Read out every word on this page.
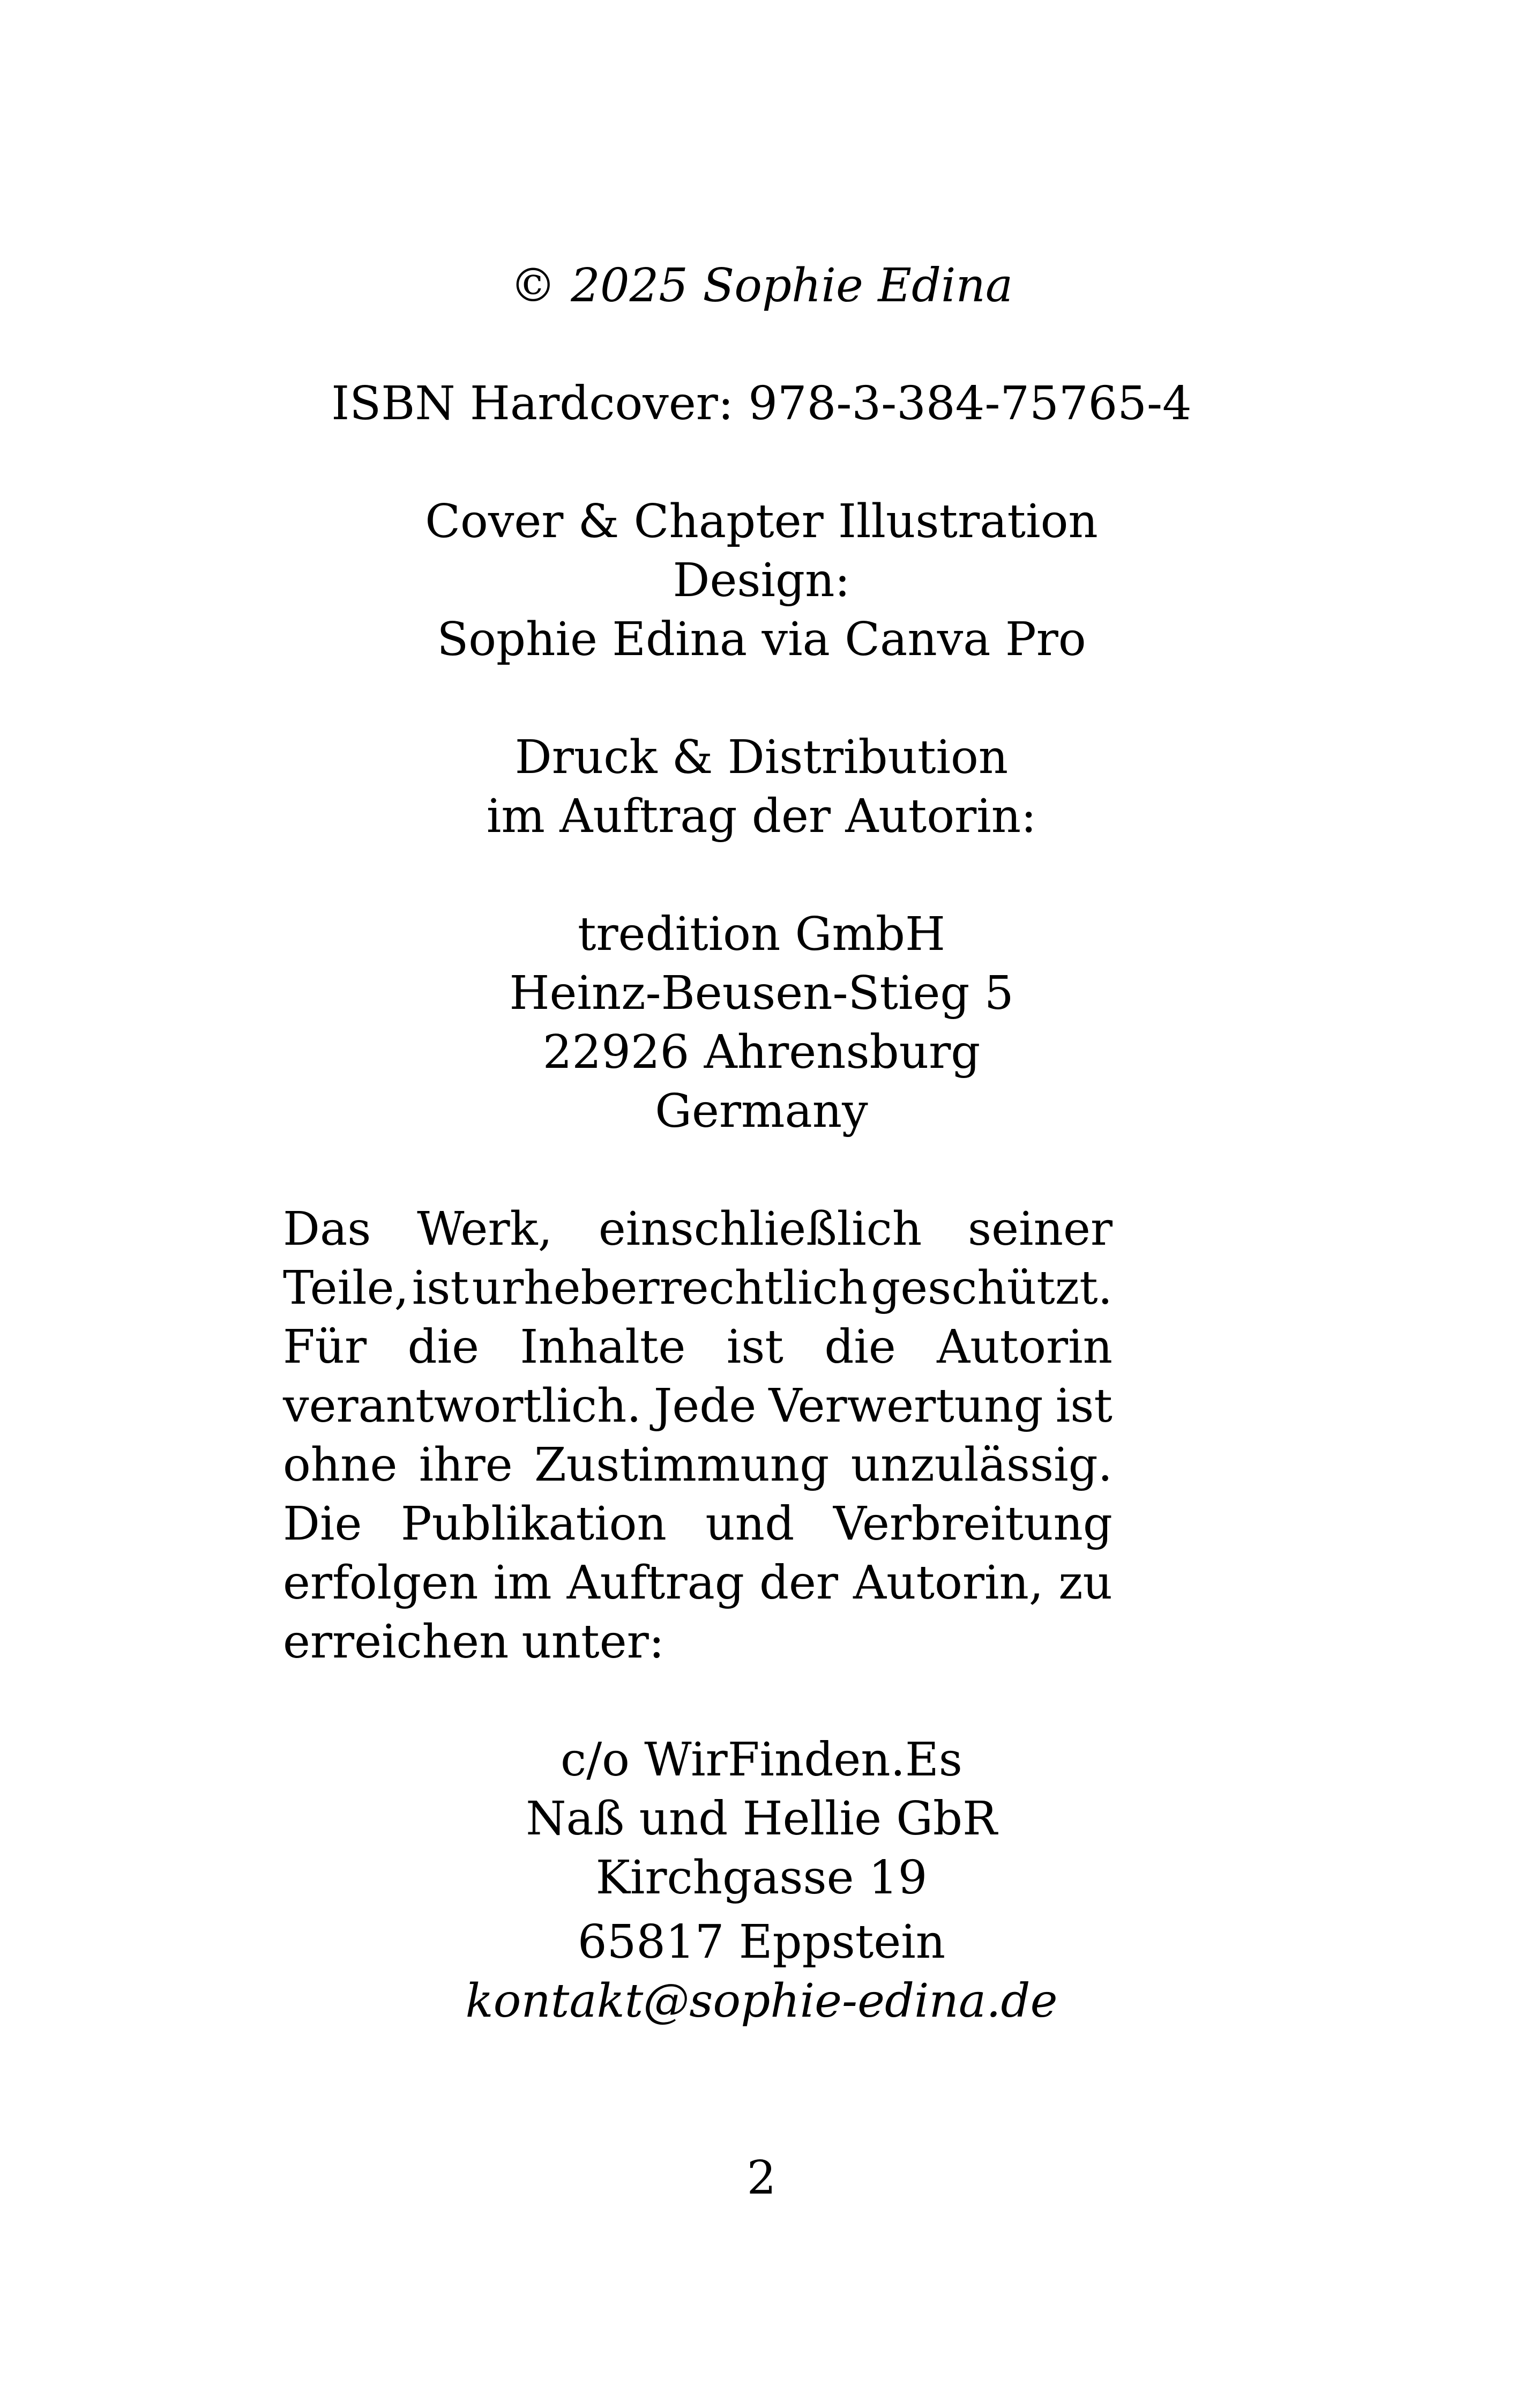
© 2025 Sophie Edina

ISBN Hardcover: 978-3-384-75765-4

Cover & Chapter Illustration

Design:

Sophie Edina via Canva Pro

Druck & Distribution

im Auftrag der Autorin:

tredition GmbH

Heinz-Beusen-Stieg 5

22926 Ahrensburg

Germany

Das Werk, einschließlich seiner
Teile, ist urheberrechtlich geschützt.
Für die Inhalte ist die Autorin
verantwortlich. Jede Verwertung ist
ohne ihre Zustimmung unzulässig.
Die Publikation und Verbreitung
erfolgen im Auftrag der Autorin, zu
erreichen unter:

c/o WirFinden.Es

Naß und Hellie GbR

Kirchgasse 19

65817 Eppstein

kontakt@sophie-edina.de

2
